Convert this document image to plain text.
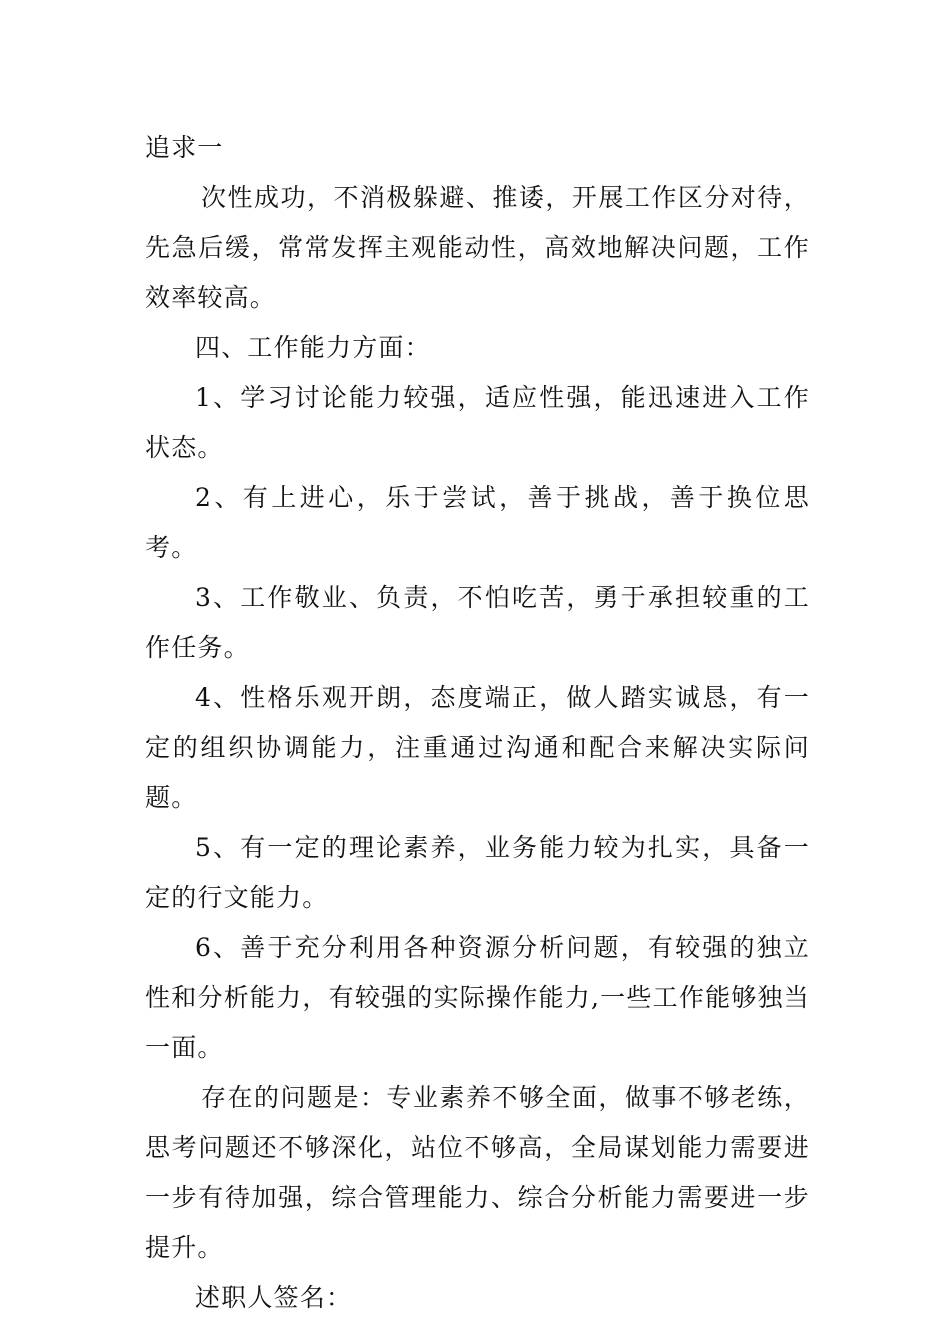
追求一

次性成功，不消极躲避、推诿，开展工作区分对待，先急后缓，常常发挥主观能动性，高效地解决问题，工作效率较高。

四、工作能力方面：

1、学习讨论能力较强，适应性强，能迅速进入工作状态。

2、有上进心，乐于尝试，善于挑战，善于换位思考。

3、工作敬业、负责，不怕吃苦，勇于承担较重的工作任务。

4、性格乐观开朗，态度端正，做人踏实诚恳，有一定的组织协调能力，注重通过沟通和配合来解决实际问题。

5、有一定的理论素养，业务能力较为扎实，具备一定的行文能力。

6、善于充分利用各种资源分析问题，有较强的独立性和分析能力，有较强的实际操作能力,一些工作能够独当一面。

存在的问题是：专业素养不够全面，做事不够老练，思考问题还不够深化，站位不够高，全局谋划能力需要进一步有待加强，综合管理能力、综合分析能力需要进一步提升。

述职人签名：
